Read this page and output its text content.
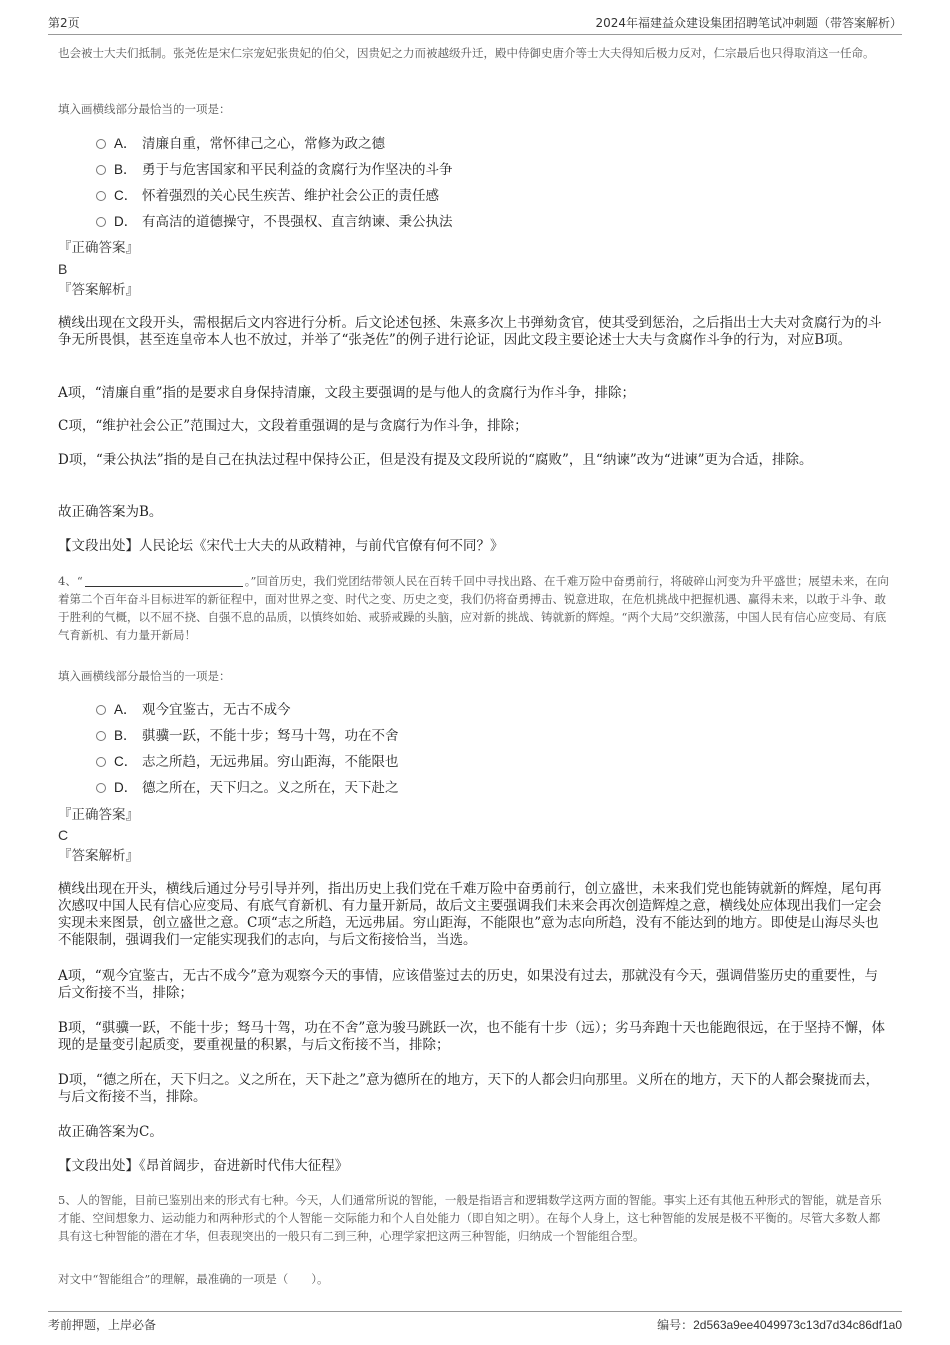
第2页	2024年福建益众建设集团招聘笔试冲刺题（带答案解析）
也会被士大夫们抵制。张尧佐是宋仁宗宠妃张贵妃的伯父，因贵妃之力而被越级升迁，殿中侍御史唐介等士大夫得知后极力反对，仁宗最后也只得取消这一任命。
填入画横线部分最恰当的一项是：
A． 清廉自重，常怀律己之心，常修为政之德
B． 勇于与危害国家和平民利益的贪腐行为作坚决的斗争
C． 怀着强烈的关心民生疾苦、维护社会公正的责任感
D． 有高洁的道德操守，不畏强权、直言纳谏、秉公执法
『正确答案』
B
『答案解析』
横线出现在文段开头，需根据后文内容进行分析。后文论述包拯、朱熹多次上书弹劾贪官，使其受到惩治，之后指出士大夫对贪腐行为的斗争无所畏惧，甚至连皇帝本人也不放过，并举了“张尧佐”的例子进行论证，因此文段主要论述士大夫与贪腐作斗争的行为，对应B项。
A项，“清廉自重”指的是要求自身保持清廉，文段主要强调的是与他人的贪腐行为作斗争，排除；
C项，“维护社会公正”范围过大，文段着重强调的是与贪腐行为作斗争，排除；
D项，“秉公执法”指的是自己在执法过程中保持公正，但是没有提及文段所说的“腐败”，且“纳谏”改为“进谏”更为合适，排除。
故正确答案为B。
【文段出处】人民论坛《宋代士大夫的从政精神，与前代官僚有何不同？》
4、“	。”回首历史，我们党团结带领人民在百转千回中寻找出路、在千难万险中奋勇前行，将破碎山河变为升平盛世；展望未来，在向着第二个百年奋斗目标进军的新征程中，面对世界之变、时代之变、历史之变，我们仍将奋勇搏击、锐意进取，在危机挑战中把握机遇、赢得未来，以敢于斗争、敢于胜利的气概，以不屈不挠、自强不息的品质，以慎终如始、戒骄戒躁的头脑，应对新的挑战、铸就新的辉煌。“两个大局”交织激荡，中国人民有信心应变局、有底气育新机、有力量开新局！
填入画横线部分最恰当的一项是：
A． 观今宜鉴古，无古不成今
B． 骐骥一跃，不能十步；驽马十驾，功在不舍
C． 志之所趋，无远弗届。穷山距海，不能限也
D． 德之所在，天下归之。义之所在，天下赴之
『正确答案』
C
『答案解析』
横线出现在开头，横线后通过分号引导并列，指出历史上我们党在千难万险中奋勇前行，创立盛世，未来我们党也能铸就新的辉煌，尾句再次感叹中国人民有信心应变局、有底气育新机、有力量开新局，故后文主要强调我们未来会再次创造辉煌之意，横线处应体现出我们一定会实现未来图景，创立盛世之意。C项“志之所趋，无远弗届。穷山距海，不能限也”意为志向所趋，没有不能达到的地方。即使是山海尽头也不能限制，强调我们一定能实现我们的志向，与后文衔接恰当，当选。
A项，“观今宜鉴古，无古不成今”意为观察今天的事情，应该借鉴过去的历史，如果没有过去，那就没有今天，强调借鉴历史的重要性，与后文衔接不当，排除；
B项，“骐骥一跃，不能十步；驽马十驾，功在不舍”意为骏马跳跃一次，也不能有十步（远）；劣马奔跑十天也能跑很远，在于坚持不懈，体现的是量变引起质变，要重视量的积累，与后文衔接不当，排除；
D项，“德之所在，天下归之。义之所在，天下赴之”意为德所在的地方，天下的人都会归向那里。义所在的地方，天下的人都会聚拢而去，与后文衔接不当，排除。
故正确答案为C。
【文段出处】《昂首阔步，奋进新时代伟大征程》
5、人的智能，目前已鉴别出来的形式有七种。今天，人们通常所说的智能，一般是指语言和逻辑数学这两方面的智能。事实上还有其他五种形式的智能，就是音乐才能、空间想象力、运动能力和两种形式的个人智能－交际能力和个人自处能力（即自知之明）。在每个人身上，这七种智能的发展是极不平衡的。尽管大多数人都具有这七种智能的潜在才华，但表现突出的一般只有二到三种，心理学家把这两三种智能，归纳成一个智能组合型。
对文中“智能组合”的理解，最准确的一项是（　　）。
考前押题，上岸必备	编号：2d563a9ee4049973c13d7d34c86df1a0
